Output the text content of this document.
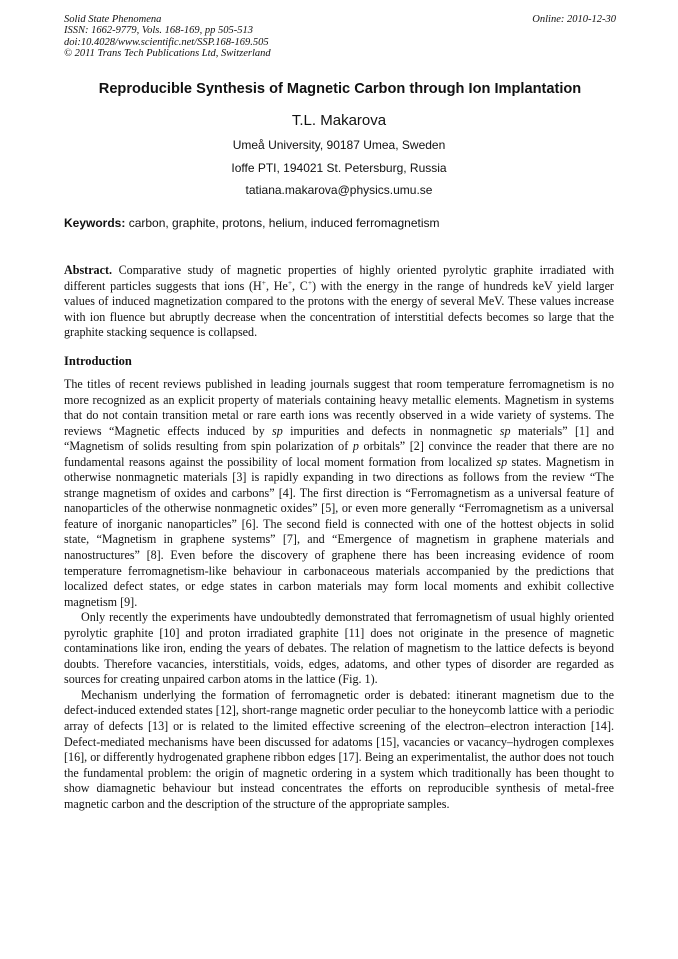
Solid State Phenomena
ISSN: 1662-9779, Vols. 168-169, pp 505-513
doi:10.4028/www.scientific.net/SSP.168-169.505
© 2011 Trans Tech Publications Ltd, Switzerland
Online: 2010-12-30
Reproducible Synthesis of Magnetic Carbon through Ion Implantation
T.L. Makarova
Umeå University, 90187 Umea, Sweden
Ioffe PTI, 194021 St. Petersburg, Russia
tatiana.makarova@physics.umu.se
Keywords: carbon, graphite, protons, helium, induced ferromagnetism

Abstract. Comparative study of magnetic properties of highly oriented pyrolytic graphite irradiated with different particles suggests that ions (H+, He+, C+) with the energy in the range of hundreds keV yield larger values of induced magnetization compared to the protons with the energy of several MeV. These values increase with ion fluence but abruptly decrease when the concentration of interstitial defects becomes so large that the graphite stacking sequence is collapsed.

Introduction

The titles of recent reviews published in leading journals suggest that room temperature ferromagnetism is no more recognized as an explicit property of materials containing heavy metallic elements. Magnetism in systems that do not contain transition metal or rare earth ions was recently observed in a wide variety of systems. The reviews “Magnetic effects induced by sp impurities and defects in nonmagnetic sp materials” [1] and “Magnetism of solids resulting from spin polarization of p orbitals” [2] convince the reader that there are no fundamental reasons against the possibility of local moment formation from localized sp states. Magnetism in otherwise nonmagnetic materials [3] is rapidly expanding in two directions as follows from the review “The strange magnetism of oxides and carbons” [4]. The first direction is “Ferromagnetism as a universal feature of nanoparticles of the otherwise nonmagnetic oxides” [5], or even more generally “Ferromagnetism as a universal feature of inorganic nanoparticles” [6]. The second field is connected with one of the hottest objects in solid state, “Magnetism in graphene systems” [7], and “Emergence of magnetism in graphene materials and nanostructures” [8]. Even before the discovery of graphene there has been increasing evidence of room temperature ferromagnetism-like behaviour in carbonaceous materials accompanied by the predictions that localized defect states, or edge states in carbon materials may form local moments and exhibit collective magnetism [9].

Only recently the experiments have undoubtedly demonstrated that ferromagnetism of usual highly oriented pyrolytic graphite [10] and proton irradiated graphite [11] does not originate in the presence of magnetic contaminations like iron, ending the years of debates. The relation of magnetism to the lattice defects is beyond doubts. Therefore vacancies, interstitials, voids, edges, adatoms, and other types of disorder are regarded as sources for creating unpaired carbon atoms in the lattice (Fig. 1).

Mechanism underlying the formation of ferromagnetic order is debated: itinerant magnetism due to the defect-induced extended states [12], short-range magnetic order peculiar to the honeycomb lattice with a periodic array of defects [13] or is related to the limited effective screening of the electron–electron interaction [14]. Defect-mediated mechanisms have been discussed for adatoms [15], vacancies or vacancy–hydrogen complexes [16], or differently hydrogenated graphene ribbon edges [17]. Being an experimentalist, the author does not touch the fundamental problem: the origin of magnetic ordering in a system which traditionally has been thought to show diamagnetic behaviour but instead concentrates the efforts on reproducible synthesis of metal-free magnetic carbon and the description of the structure of the appropriate samples.
